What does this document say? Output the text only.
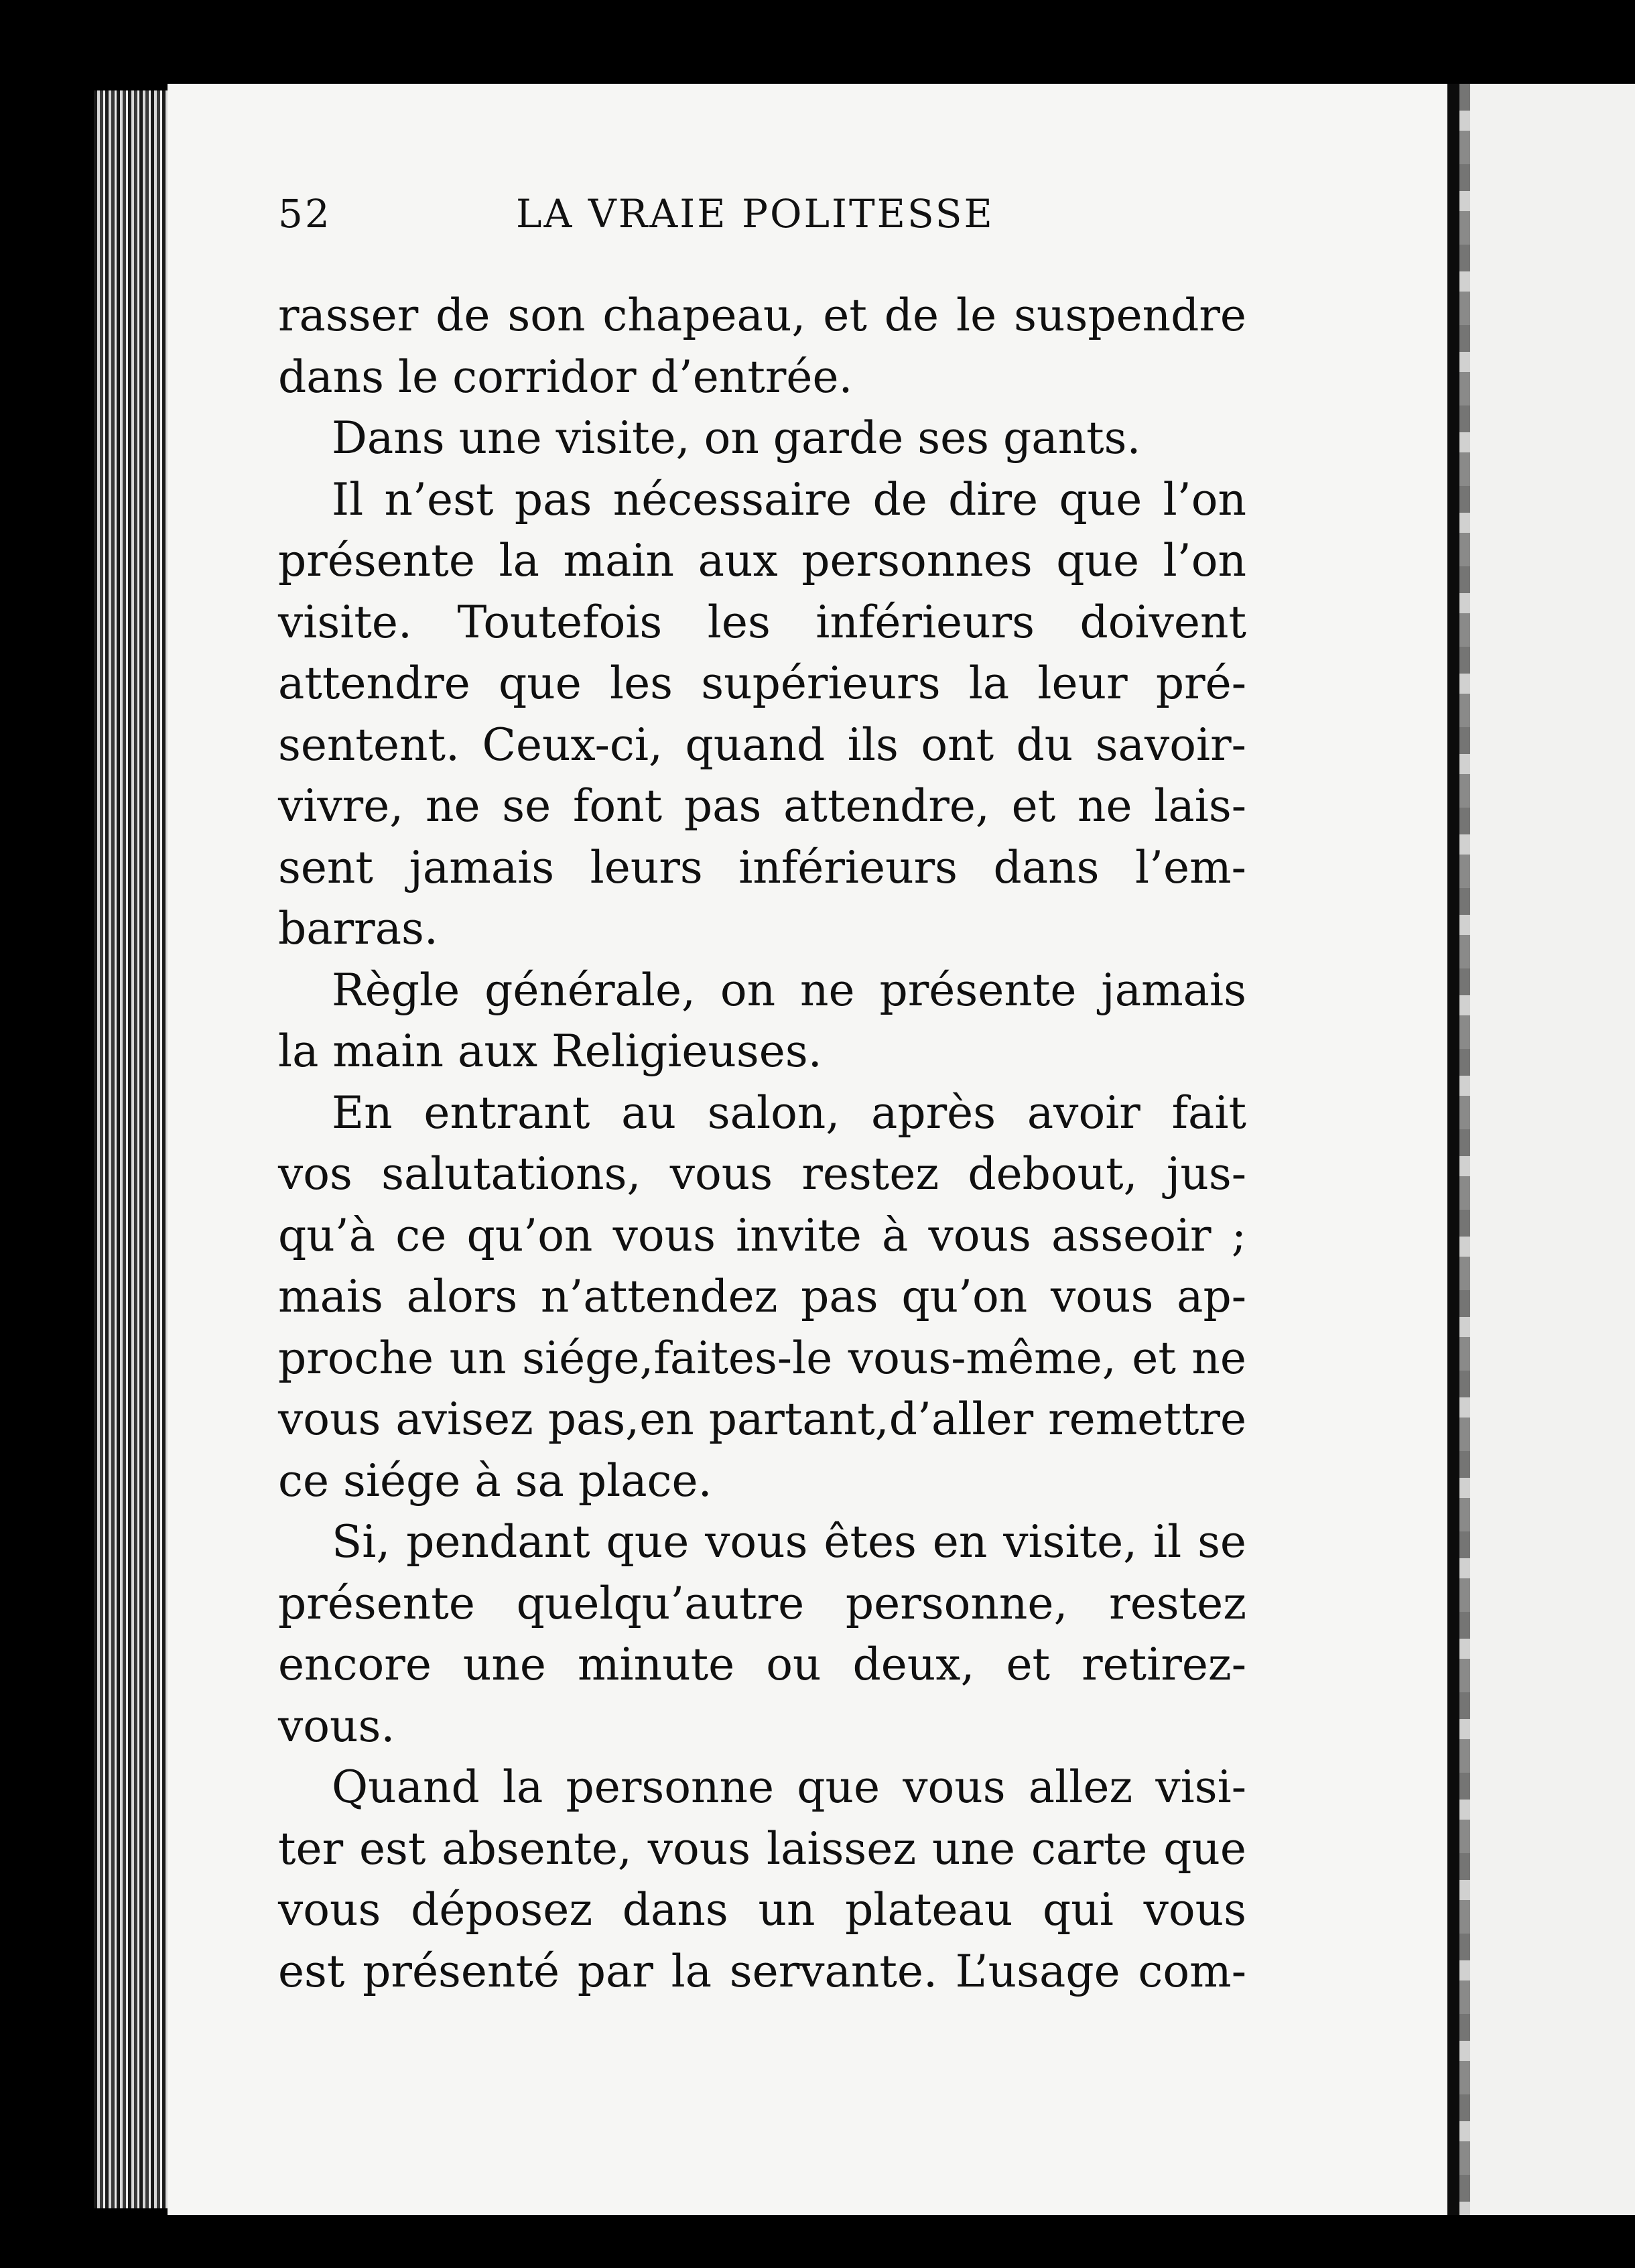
52	LA VRAIE POLITESSE
rasser de son chapeau, et de le suspendre
dans le corridor d’entrée.
Dans une visite, on garde ses gants.
Il n’est pas nécessaire de dire que l’on
présente la main aux personnes que l’on
visite. Toutefois les inférieurs doivent
attendre que les supérieurs la leur pré-
sentent. Ceux-ci, quand ils ont du savoir-
vivre, ne se font pas attendre, et ne lais-
sent jamais leurs inférieurs dans l’em-
barras.
Règle générale, on ne présente jamais
la main aux Religieuses.
En entrant au salon, après avoir fait
vos salutations, vous restez debout, jus-
qu’à ce qu’on vous invite à vous asseoir ;
mais alors n’attendez pas qu’on vous ap-
proche un siége,faites-le vous-même, et ne
vous avisez pas,en partant,d’aller remettre
ce siége à sa place.
Si, pendant que vous êtes en visite, il se
présente quelqu’autre personne, restez
encore une minute ou deux, et retirez-
vous.
Quand la personne que vous allez visi-
ter est absente, vous laissez une carte que
vous déposez dans un plateau qui vous
est présenté par la servante. L’usage com-
